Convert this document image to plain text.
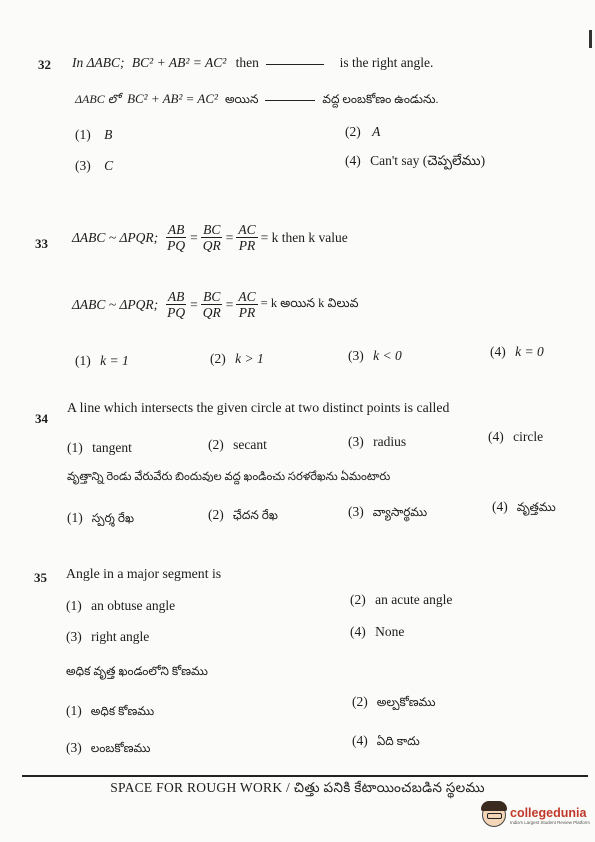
32 In ΔABC; BC² + AB² = AC² then	is the right angle.
ΔABC లో BC² + AB² = AC² అయిన	వద్ద లంబకోణం ఉండును.
(1) B	(2) A
(3) C	(4) Can't say (చెప్పలేము)
33 ΔABC ~ ΔPQR; $\frac{AB}{PQ} = \frac{BC}{QR} = \frac{AC}{PR} = k$ then k value
ΔABC ~ ΔPQR; $\frac{AB}{PQ} = \frac{BC}{QR} = \frac{AC}{PR} = k$ అయిన k విలువ
(1) k = 1	(2) k > 1	(3) k < 0	(4) k = 0
34
A line which intersects the given circle at two distinct points is called
(1) tangent	(2) secant	(3) radius	(4) circle
వృత్తాన్ని రెండు వేరువేరు బిందువుల వద్ద ఖండించు సరళరేఖను ఏమంటారు
(1) స్పర్శ రేఖ	(2) ఛేదన రేఖ	(3) వ్యాసార్థము	(4) వృత్తము
35 Angle in a major segment is
(1) an obtuse angle	(2) an acute angle
(3) right angle	(4) None
అధిక వృత్త ఖండంలోని కోణము
(1) అధిక కోణము
(2) అల్పకోణము
(3) లంబకోణము	(4) ఏది కాదు
SPACE FOR ROUGH WORK / చిత్తు పనికి కేటాయించబడిన స్థలము
collegedunia
India's Largest Student Review Platform
